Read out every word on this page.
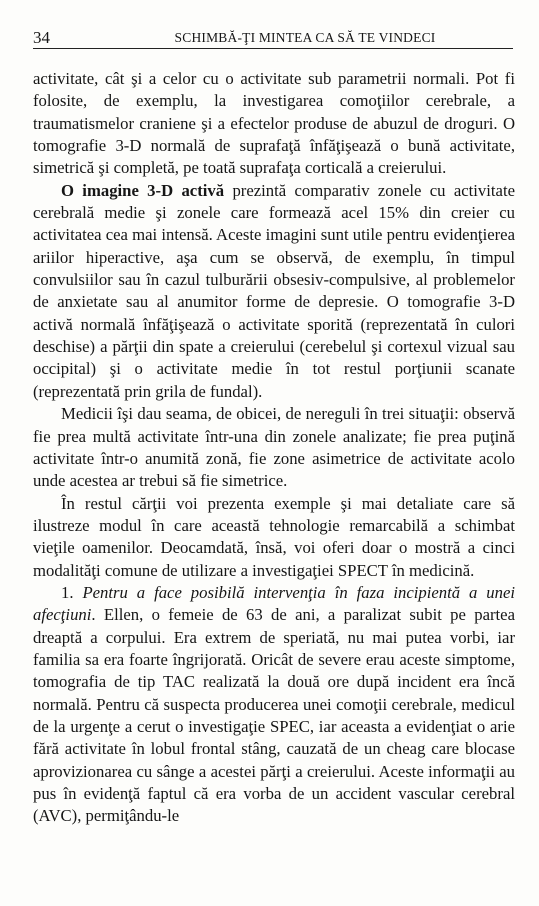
34	SCHIMBĂ-ŢI MINTEA CA SĂ TE VINDECI

activitate, cât şi a celor cu o activitate sub parametrii normali. Pot fi folosite, de exemplu, la investigarea comoţiilor cerebrale, a traumatismelor craniene şi a efectelor produse de abuzul de droguri. O tomografie 3-D normală de suprafaţă înfăţişează o bună activitate, simetrică şi completă, pe toată suprafaţa corticală a creierului.

O imagine 3-D activă prezintă comparativ zonele cu activitate cerebrală medie şi zonele care formează acel 15% din creier cu activitatea cea mai intensă. Aceste imagini sunt utile pentru evidenţierea ariilor hiperactive, aşa cum se observă, de exemplu, în timpul convulsiilor sau în cazul tulburării obsesiv-compulsive, al problemelor de anxietate sau al anumitor forme de depresie. O tomografie 3-D activă normală înfăţişează o activitate sporită (reprezentată în culori deschise) a părţii din spate a creierului (cerebelul şi cortexul vizual sau occipital) şi o activitate medie în tot restul porţiunii scanate (reprezentată prin grila de fundal).

Medicii îşi dau seama, de obicei, de nereguli în trei situaţii: observă fie prea multă activitate într-una din zonele analizate; fie prea puţină activitate într-o anumită zonă, fie zone asimetrice de activitate acolo unde acestea ar trebui să fie simetrice.

În restul cărţii voi prezenta exemple şi mai detaliate care să ilustreze modul în care această tehnologie remarcabilă a schimbat vieţile oamenilor. Deocamdată, însă, voi oferi doar o mostră a cinci modalităţi comune de utilizare a investigaţiei SPECT în medicină.

1. Pentru a face posibilă intervenţia în faza incipientă a unei afecţiuni. Ellen, o femeie de 63 de ani, a paralizat subit pe partea dreaptă a corpului. Era extrem de speriată, nu mai putea vorbi, iar familia sa era foarte îngrijorată. Oricât de severe erau aceste simptome, tomografia de tip TAC realizată la două ore după incident era încă normală. Pentru că suspecta producerea unei comoţii cerebrale, medicul de la urgenţe a cerut o investigaţie SPEC, iar aceasta a evidenţiat o arie fără activitate în lobul frontal stâng, cauzată de un cheag care blocase aprovizionarea cu sânge a acestei părţi a creierului. Aceste informaţii au pus în evidenţă faptul că era vorba de un accident vascular cerebral (AVC), permiţându-le
